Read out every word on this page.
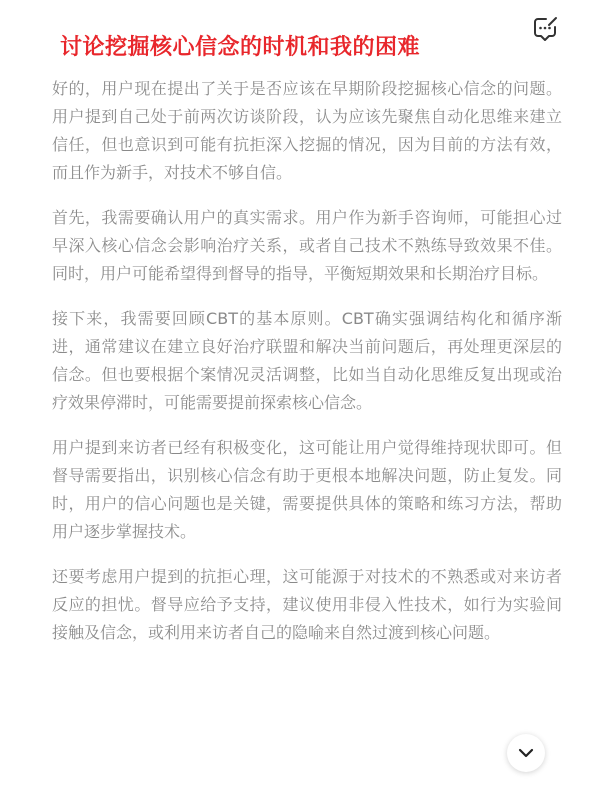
讨论挖掘核心信念的时机和我的困难

好的，用户现在提出了关于是否应该在早期阶段挖掘核心信念的问题。用户提到自己处于前两次访谈阶段，认为应该先聚焦自动化思维来建立信任，但也意识到可能有抗拒深入挖掘的情况，因为目前的方法有效，而且作为新手，对技术不够自信。

首先，我需要确认用户的真实需求。用户作为新手咨询师，可能担心过早深入核心信念会影响治疗关系，或者自己技术不熟练导致效果不佳。同时，用户可能希望得到督导的指导，平衡短期效果和长期治疗目标。

接下来，我需要回顾CBT的基本原则。CBT确实强调结构化和循序渐进，通常建议在建立良好治疗联盟和解决当前问题后，再处理更深层的信念。但也要根据个案情况灵活调整，比如当自动化思维反复出现或治疗效果停滞时，可能需要提前探索核心信念。

用户提到来访者已经有积极变化，这可能让用户觉得维持现状即可。但督导需要指出，识别核心信念有助于更根本地解决问题，防止复发。同时，用户的信心问题也是关键，需要提供具体的策略和练习方法，帮助用户逐步掌握技术。

还要考虑用户提到的抗拒心理，这可能源于对技术的不熟悉或对来访者反应的担忧。督导应给予支持，建议使用非侵入性技术，如行为实验间接触及信念，或利用来访者自己的隐喻来自然过渡到核心问题。
